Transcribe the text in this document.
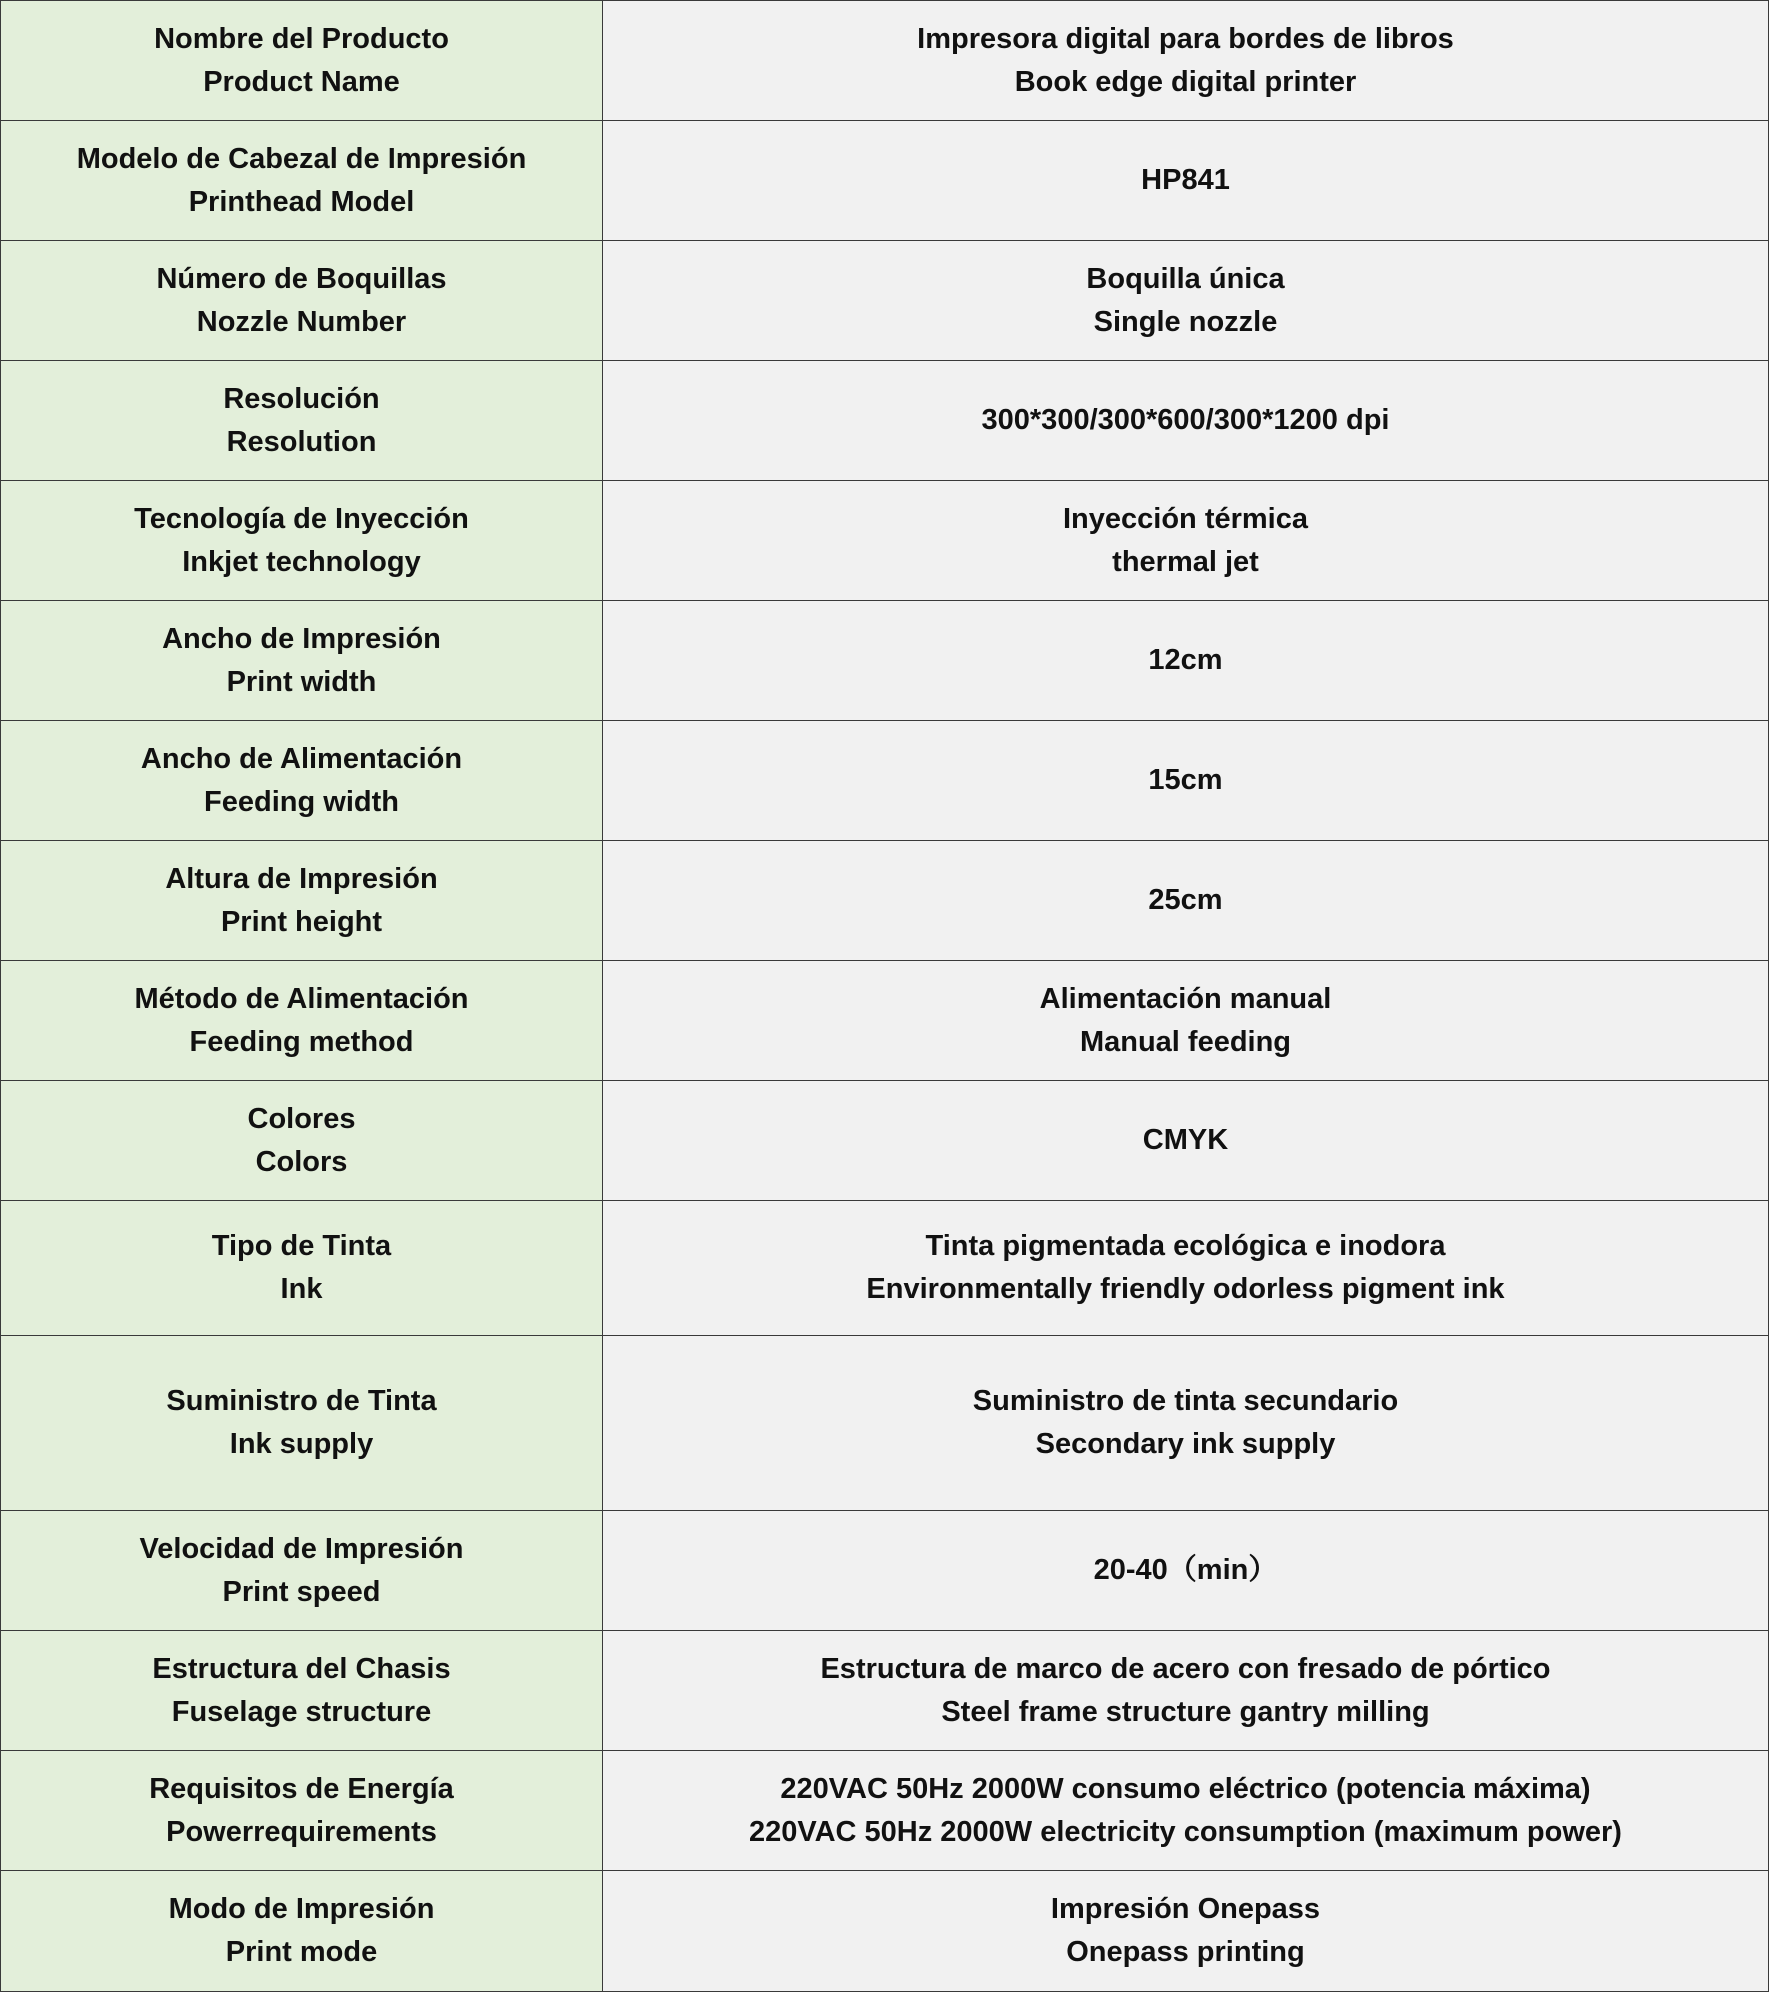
Nombre del Producto
Product Name	Impresora digital para bordes de libros
Book edge digital printer

Modelo de Cabezal de Impresión
Printhead Model	HP841

Número de Boquillas
Nozzle Number	Boquilla única
Single nozzle

Resolución
Resolution	300*300/300*600/300*1200 dpi

Tecnología de Inyección
Inkjet technology	Inyección térmica
thermal jet

Ancho de Impresión
Print width	12cm

Ancho de Alimentación
Feeding width	15cm

Altura de Impresión
Print height	25cm

Método de Alimentación
Feeding method	Alimentación manual
Manual feeding

Colores
Colors	CMYK

Tipo de Tinta
Ink	Tinta pigmentada ecológica e inodora
Environmentally friendly odorless pigment ink

Suministro de Tinta
Ink supply	Suministro de tinta secundario
Secondary ink supply

Velocidad de Impresión
Print speed	20-40（min）

Estructura del Chasis
Fuselage structure	Estructura de marco de acero con fresado de pórtico
Steel frame structure gantry milling

Requisitos de Energía
Powerrequirements	220VAC 50Hz 2000W consumo eléctrico (potencia máxima)
220VAC 50Hz 2000W electricity consumption (maximum power)

Modo de Impresión
Print mode	Impresión Onepass
Onepass printing
